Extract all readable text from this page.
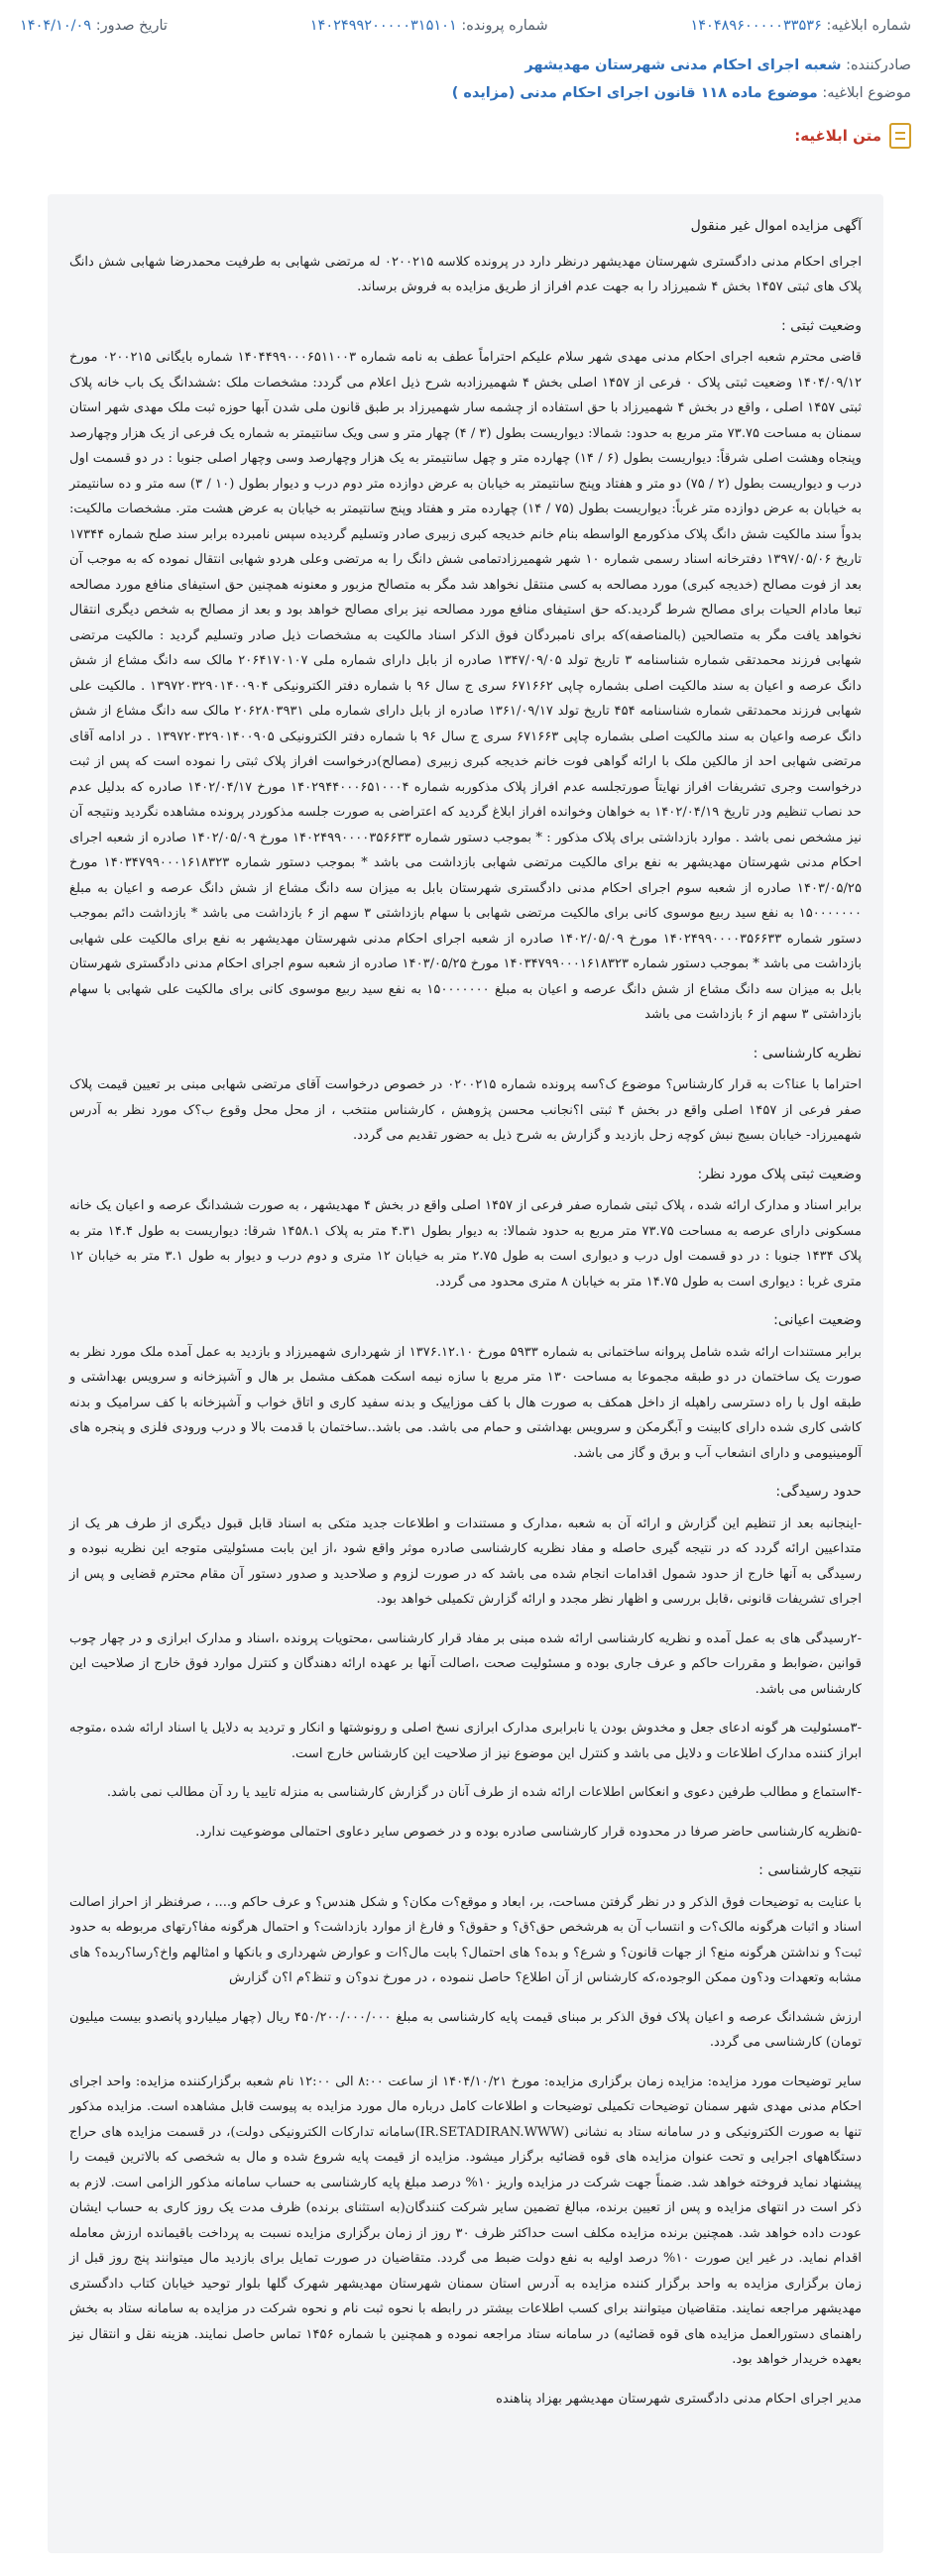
شماره ابلاغیه: ۱۴۰۴۸۹۶۰۰۰۰۰۳۳۵۳۶
شماره پرونده: ۱۴۰۲۴۹۹۲۰۰۰۰۰۳۱۵۱۰۱
تاریخ صدور: ۱۴۰۴/۱۰/۰۹
صادرکننده: شعبه اجرای احکام مدنی شهرستان مهدیشهر
موضوع ابلاغیه: موضوع ماده ۱۱۸ قانون اجرای احکام مدنی (مزایده )
متن ابلاغیه:

آگهی مزایده اموال غیر منقول

اجرای احکام مدنی دادگستری شهرستان مهدیشهر درنظر دارد در پرونده کلاسه ۰۲۰۰۲۱۵ له مرتضی شهابی به طرفیت محمدرضا شهابی شش دانگ پلاک های ثبتی ۱۴۵۷ بخش ۴ شمیرزاد را به جهت عدم افراز از طریق مزایده به فروش برساند.

وضعیت ثبتی :

قاضی محترم شعبه اجرای احکام مدنی مهدی شهر سلام علیکم احتراماً عطف به نامه شماره ۱۴۰۴۴۹۹۰۰۰۶۵۱۱۰۰۳ شماره بایگانی ۰۲۰۰۲۱۵ مورخ ۱۴۰۴/۰۹/۱۲ وضعیت ثبتی پلاک ۰ فرعی از ۱۴۵۷ اصلی بخش ۴ شهمیرزادبه شرح ذیل اعلام می گردد: مشخصات ملک :ششدانگ یک باب خانه پلاک ثبتی ۱۴۵۷ اصلی ، واقع در بخش ۴ شهمیرزاد با حق استفاده از چشمه سار شهمیرزاد بر طبق قانون ملی شدن آبها حوزه ثبت ملک مهدی شهر استان سمنان به مساحت ۷۳.۷۵ متر مربع به حدود: شمالا: دیواریست بطول (۳ / ۴) چهار متر و سی ویک سانتیمتر به شماره یک فرعی از یک هزار وچهارصد وپنجاه وهشت اصلی شرقاً: دیواریست بطول (۶ / ۱۴) چهارده متر و چهل سانتیمتر به یک هزار وچهارصد وسی وچهار اصلی جنوبا : در دو قسمت اول درب و دیواریست بطول (۲ / ۷۵) دو متر و هفتاد وپنج سانتیمتر به خیابان به عرض دوازده متر دوم درب و دیوار بطول (۱۰ / ۳) سه متر و ده سانتیمتر به خیابان به عرض دوازده متر غرباً: دیواریست بطول (۷۵ / ۱۴) چهارده متر و هفتاد وپنج سانتیمتر به خیابان به عرض هشت متر. مشخصات مالکیت: بدواً سند مالکیت شش دانگ پلاک مذکورمع الواسطه بنام خانم خدیجه کبری زبیری صادر وتسلیم گردیده سپس نامبرده برابر سند صلح شماره ۱۷۳۴۴ تاریخ ۱۳۹۷/۰۵/۰۶ دفترخانه اسناد رسمی شماره ۱۰ شهر شهمیرزادتمامی شش دانگ را به مرتضی وعلی هردو شهابی انتقال نموده که به موجب آن بعد از فوت مصالح (خدیجه کبری) مورد مصالحه به کسی منتقل نخواهد شد مگر به متصالح مزبور و معنونه همچنین حق استیفای منافع مورد مصالحه تبعا مادام الحیات برای مصالح شرط گردید.که حق استیفای منافع مورد مصالحه نیز برای مصالح خواهد بود و بعد از مصالح به شخص دیگری انتقال نخواهد یافت مگر به متصالحین (بالمناصفه)که برای نامبردگان فوق الذکر اسناد مالکیت به مشخصات ذیل صادر وتسلیم گردید : مالکیت مرتضی شهابی فرزند محمدتقی شماره شناسنامه ۳ تاریخ تولد ۱۳۴۷/۰۹/۰۵ صادره از بابل دارای شماره ملی ۲۰۶۴۱۷۰۱۰۷ مالک سه دانگ مشاع از شش دانگ عرصه و اعیان به سند مالکیت اصلی بشماره چاپی ۶۷۱۶۶۲ سری ج سال ۹۶ با شماره دفتر الکترونیکی ۱۳۹۷۲۰۳۲۹۰۱۴۰۰۹۰۴ . مالکیت علی شهابی فرزند محمدتقی شماره شناسنامه ۴۵۴ تاریخ تولد ۱۳۶۱/۰۹/۱۷ صادره از بابل دارای شماره ملی ۲۰۶۲۸۰۳۹۳۱ مالک سه دانگ مشاع از شش دانگ عرصه واعیان به سند مالکیت اصلی بشماره چاپی ۶۷۱۶۶۳ سری ج سال ۹۶ با شماره دفتر الکترونیکی ۱۳۹۷۲۰۳۲۹۰۱۴۰۰۹۰۵ . در ادامه آقای مرتضی شهابی احد از مالکین ملک با ارائه گواهی فوت خانم خدیجه کبری زبیری (مصالح)درخواست افراز پلاک ثبتی را نموده است که پس از ثبت درخواست وجری تشریفات افراز نهایتاً صورتجلسه عدم افراز پلاک مذکوربه شماره ۱۴۰۲۹۴۴۰۰۰۶۵۱۰۰۰۴ مورخ ۱۴۰۲/۰۴/۱۷ صادره که بدلیل عدم حد نصاب تنظیم ودر تاریخ ۱۴۰۲/۰۴/۱۹ به خواهان وخوانده افراز ابلاغ گردید که اعتراضی به صورت جلسه مذکوردر پرونده مشاهده نگردید ونتیجه آن نیز مشخص نمی باشد . موارد بازداشتی برای پلاک مذکور : * بموجب دستور شماره ۱۴۰۲۴۹۹۰۰۰۰۳۵۶۶۳۳ مورخ ۱۴۰۲/۰۵/۰۹ صادره از شعبه اجرای احکام مدنی شهرستان مهدیشهر به نفع برای مالکیت مرتضی شهابی بازداشت می باشد * بموجب دستور شماره ۱۴۰۳۴۷۹۹۰۰۰۱۶۱۸۳۲۳ مورخ ۱۴۰۳/۰۵/۲۵ صادره از شعبه سوم اجرای احکام مدنی دادگستری شهرستان بابل به میزان سه دانگ مشاع از شش دانگ عرصه و اعیان به مبلغ ۱۵۰۰۰۰۰۰۰ به نفع سید ربیع موسوی کانی برای مالکیت مرتضی شهابی با سهام بازداشتی ۳ سهم از ۶ بازداشت می باشد * بازداشت دائم بموجب دستور شماره ۱۴۰۲۴۹۹۰۰۰۰۳۵۶۶۳۳ مورخ ۱۴۰۲/۰۵/۰۹ صادره از شعبه اجرای احکام مدنی شهرستان مهدیشهر به نفع برای مالکیت علی شهابی بازداشت می باشد * بموجب دستور شماره ۱۴۰۳۴۷۹۹۰۰۰۱۶۱۸۳۲۳ مورخ ۱۴۰۳/۰۵/۲۵ صادره از شعبه سوم اجرای احکام مدنی دادگستری شهرستان بابل به میزان سه دانگ مشاع از شش دانگ عرصه و اعیان به مبلغ ۱۵۰۰۰۰۰۰۰ به نفع سید ربیع موسوی کانی برای مالکیت علی شهابی با سهام بازداشتی ۳ سهم از ۶ بازداشت می باشد

نظریه کارشناسی :

احتراما با عنا؟ت به قرار کارشناس؟ موضوع ک؟سه پرونده شماره ۰۲۰۰۲۱۵ در خصوص درخواست آقای مرتضی شهابی مبنی بر تعیین قیمت پلاک صفر فرعی از ۱۴۵۷ اصلی واقع در بخش ۴ ثبتی ا؟نجانب محسن پژوهش ، کارشناس منتخب ، از محل محل وقوع ب؟ک مورد نظر به آدرس شهمیرزاد- خیابان بسیج نبش کوچه زحل بازدید و گزارش به شرح ذیل به حضور تقدیم می گردد.

وضعیت ثبتی پلاک مورد نظر:

برابر اسناد و مدارک ارائه شده ، پلاک ثبتی شماره صفر فرعی از ۱۴۵۷ اصلی واقع در بخش ۴ مهدیشهر ، به صورت ششدانگ عرصه و اعیان یک خانه مسکونی دارای عرصه به مساحت ۷۳.۷۵ متر مربع به حدود شمالا: به دیوار بطول ۴.۳۱ متر به پلاک ۱۴۵۸.۱ شرقا: دیواریست به طول ۱۴.۴ متر به پلاک ۱۴۳۴ جنوبا : در دو قسمت اول درب و دیواری است به طول ۲.۷۵ متر به خیابان ۱۲ متری و دوم درب و دیوار به طول ۳.۱ متر به خیابان ۱۲ متری غربا : دیواری است به طول ۱۴.۷۵ متر به خیابان ۸ متری محدود می گردد.

وضعیت اعیانی:

برابر مستندات ارائه شده شامل پروانه ساختمانی به شماره ۵۹۳۳ مورخ ۱۳۷۶.۱۲.۱۰ از شهرداری شهمیرزاد و بازدید به عمل آمده ملک مورد نظر به صورت یک ساختمان در دو طبقه مجموعا به مساحت ۱۳۰ متر مربع با سازه نیمه اسکت همکف مشمل بر هال و آشپزخانه و سرویس بهداشتی و طبقه اول با راه دسترسی راهپله از داخل همکف به صورت هال با کف موزاییک و بدنه سفید کاری و اتاق خواب و آشپزخانه با کف سرامیک و بدنه کاشی کاری شده دارای کابینت و آبگرمکن و سرویس بهداشتی و حمام می باشد. می باشد..ساختمان با قدمت بالا و درب ورودی فلزی و پنجره های آلومینیومی و دارای انشعاب آب و برق و گاز می باشد.

حدود رسیدگی:

-اینجانبه بعد از تنظیم این گزارش و ارائه آن به شعبه ،مدارک و مستندات و اطلاعات جدید متکی به اسناد قابل قبول دیگری از طرف هر یک از متداعیین ارائه گردد که در نتیجه گیری حاصله و مفاد نظریه کارشناسی صادره موثر واقع شود ،از این بابت مسئولیتی متوجه این نظریه نبوده و رسیدگی به آنها خارج از حدود شمول اقدامات انجام شده می باشد که در صورت لزوم و صلاحدید و صدور دستور آن مقام محترم قضایی و پس از اجرای تشریفات قانونی ،قابل بررسی و اظهار نظر مجدد و ارائه گزارش تکمیلی خواهد بود.

-۲رسیدگی های به عمل آمده و نظریه کارشناسی ارائه شده مبنی بر مفاد قرار کارشناسی ،محتویات پرونده ،اسناد و مدارک ابرازی و در چهار چوب قوانین ،ضوابط و مقررات حاکم و عرف جاری بوده و مسئولیت صحت ،اصالت آنها بر عهده ارائه دهندگان و کنترل موارد فوق خارج از صلاحیت این کارشناس می باشد.

-۳مسئولیت هر گونه ادعای جعل و مخدوش بودن یا نابرابری مدارک ابرازی نسخ اصلی و رونوشتها و انکار و تردید به دلایل یا اسناد ارائه شده ،متوجه ابراز کننده مدارک اطلاعات و دلایل می باشد و کنترل این موضوع نیز از صلاحیت این کارشناس خارج است.

-۴استماع و مطالب طرفین دعوی و انعکاس اطلاعات ارائه شده از طرف آنان در گزارش کارشناسی به منزله تایید یا رد آن مطالب نمی باشد.

-۵نظریه کارشناسی حاضر صرفا در محدوده قرار کارشناسی صادره بوده و در خصوص سایر دعاوی احتمالی موضوعیت ندارد.

نتیجه کارشناسی :

با عنایت به توضیحات فوق الذکر و در نظر گرفتن مساحت، بر، ابعاد و موقع؟ت مکان؟ و شکل هندس؟ و عرف حاکم و.... ، صرفنظر از احراز اصالت اسناد و اثبات هرگونه مالک؟ت و انتساب آن به هرشخص حق؟ق؟ و حقوق؟ و فارغ از موارد بازداشت؟ و احتمال هرگونه مفا؟رتهای مربوطه به حدود ثبت؟ و نداشتن هرگونه منع؟ از جهات قانون؟ و شرع؟ و بده؟ های احتمال؟ بابت مال؟ات و عوارض شهرداری و بانکها و امثالهم واخ؟رسا؟ربده؟ های مشابه وتعهدات ود؟ون ممکن الوجوده،که کارشناس از آن اطلاع؟ حاصل ننموده ، در مورخ ندو؟ن و تنظ؟م ا؟ن گزارش

ارزش ششدانگ عرصه و اعیان پلاک فوق الذکر بر مبنای قیمت پایه کارشناسی به مبلغ ۴۵۰/۲۰۰/۰۰۰/۰۰۰ ریال (چهار میلیاردو پانصدو بیست میلیون تومان) کارشناسی می گردد.

سایر توضیحات مورد مزایده: مزایده زمان برگزاری مزایده: مورخ ۱۴۰۴/۱۰/۲۱ از ساعت ۸:۰۰ الی ۱۲:۰۰ نام شعبه برگزارکننده مزایده: واحد اجرای احکام مدنی مهدی شهر سمنان توضیحات تکمیلی توضیحات و اطلاعات کامل درباره مال مورد مزایده به پیوست قابل مشاهده است. مزایده مذکور تنها به صورت الکترونیکی و در سامانه ستاد به نشانی (IR.SETADIRAN.WWW)سامانه تدارکات الکترونیکی دولت)، در قسمت مزایده های حراج دستگاههای اجرایی و تحت عنوان مزایده های قوه قضائیه برگزار میشود. مزایده از قیمت پایه شروع شده و مال به شخصی که بالاترین قیمت را پیشنهاد نماید فروخته خواهد شد. ضمناً جهت شرکت در مزایده واریز ۱۰% درصد مبلغ پایه کارشناسی به حساب سامانه مذکور الزامی است. لازم به ذکر است در انتهای مزایده و پس از تعیین برنده، مبالغ تضمین سایر شرکت کنندگان(به استثنای برنده) ظرف مدت یک روز کاری به حساب ایشان عودت داده خواهد شد. همچنین برنده مزایده مکلف است حداکثر ظرف ۳۰ روز از زمان برگزاری مزایده نسبت به پرداخت باقیمانده ارزش معامله اقدام نماید. در غیر این صورت ۱۰% درصد اولیه به نفع دولت ضبط می گردد. متقاضیان در صورت تمایل برای بازدید مال میتوانند پنج روز قبل از زمان برگزاری مزایده به واحد برگزار کننده مزایده به آدرس استان سمنان شهرستان مهدیشهر شهرک گلها بلوار توحید خیابان کتاب دادگستری مهدیشهر مراجعه نمایند. متقاضیان میتوانند برای کسب اطلاعات بیشتر در رابطه با نحوه ثبت نام و نحوه شرکت در مزایده به سامانه ستاد به بخش راهنمای دستورالعمل مزایده های قوه قضائیه) در سامانه ستاد مراجعه نموده و همچنین با شماره ۱۴۵۶ تماس حاصل نمایند. هزینه نقل و انتقال نیز بعهده خریدار خواهد بود.

مدیر اجرای احکام مدنی دادگستری شهرستان مهدیشهر بهزاد پناهنده
